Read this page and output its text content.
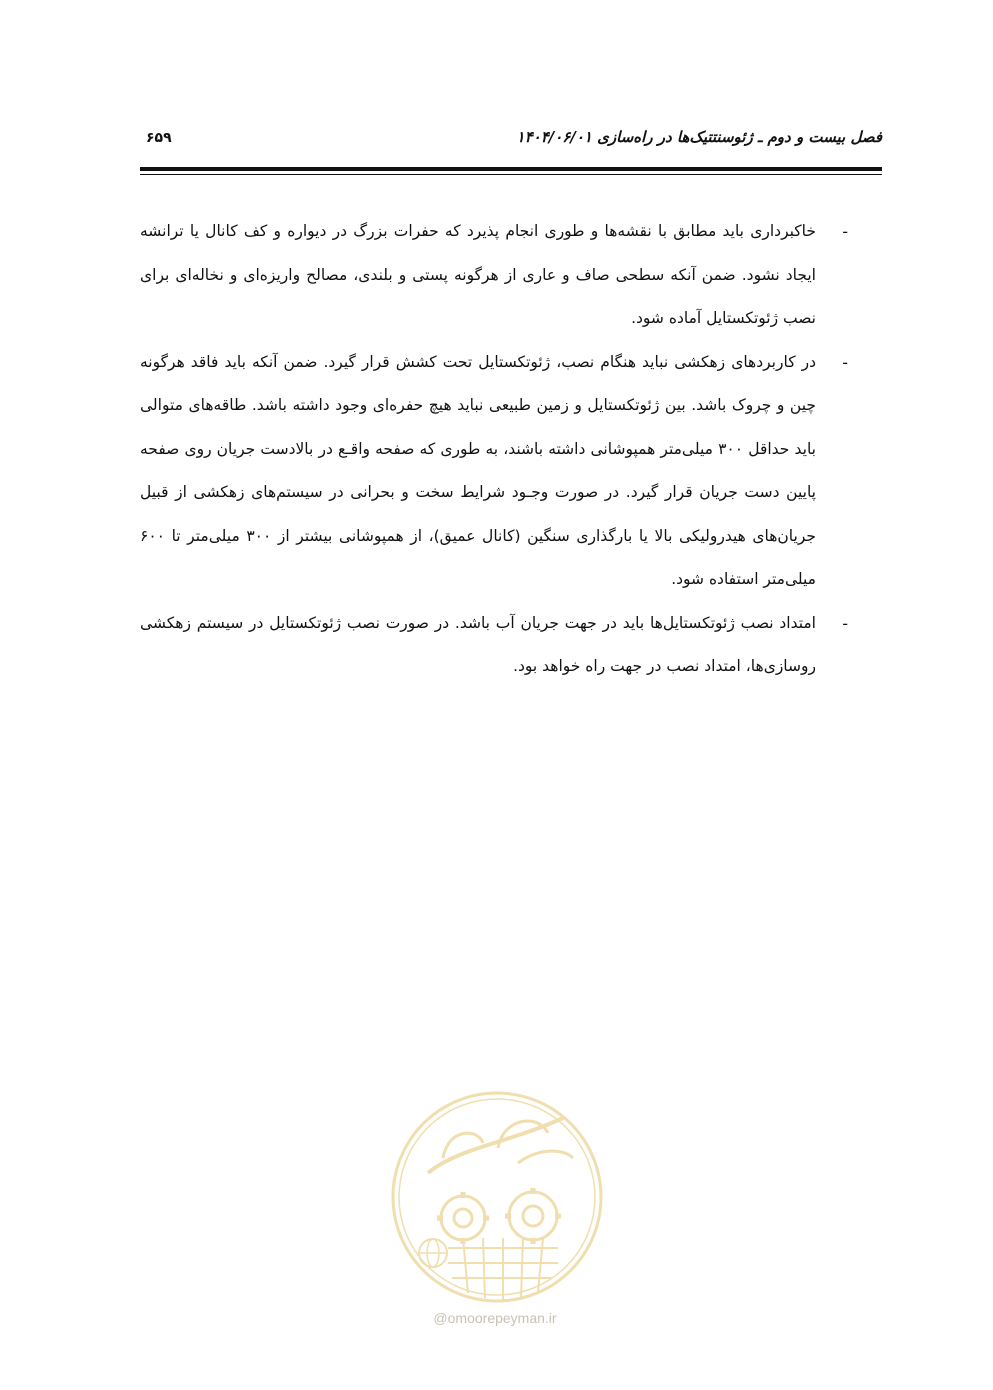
فصل بیست و دوم ـ ژئوسنتتیک‌ها در راه‌سازی ۱۴۰۴/۰۶/۰۱
۶۵۹
-

خاکبرداری باید مطابق با نقشه‌ها و طوری انجام پذیرد که حفرات بزرگ در دیواره و کف کانال یا ترانشه ایجاد نشود. ضمن آنکه سطحی صاف و عاری از هرگونه پستی و بلندی، مصالح واریزه‌ای و نخاله‌ای برای نصب ژئوتکستایل آماده شود.

-

در کاربردهای زهکشی نباید هنگام نصب، ژئوتکستایل تحت کشش قرار گیرد. ضمن آنکه باید فاقد هرگونه چین و چروک باشد. بین ژئوتکستایل و زمین طبیعی نباید هیچ حفره‌ای وجود داشته باشد. طاقه‌های متوالی باید حداقل ۳۰۰ میلی‌متر همپوشانی داشته باشند، به طوری که صفحه واقـع در بالادست جریان روی صفحه پایین دست جریان قرار گیرد. در صورت وجـود شرایط سخت و بحرانی در سیستم‌های زهکشی از قبیل جریان‌های هیدرولیکی بالا یا بارگذاری سنگین (کانال عمیق)، از همپوشانی بیشتر از ۳۰۰ میلی‌متر تا ۶۰۰ میلی‌متر استفاده شود.

-

امتداد نصب ژئوتکستایل‌ها باید در جهت جریان آب باشد. در صورت نصب ژئوتکستایل در سیستم زهکشی روسازی‌ها، امتداد نصب در جهت راه خواهد بود.

@omoorepeyman.ir
